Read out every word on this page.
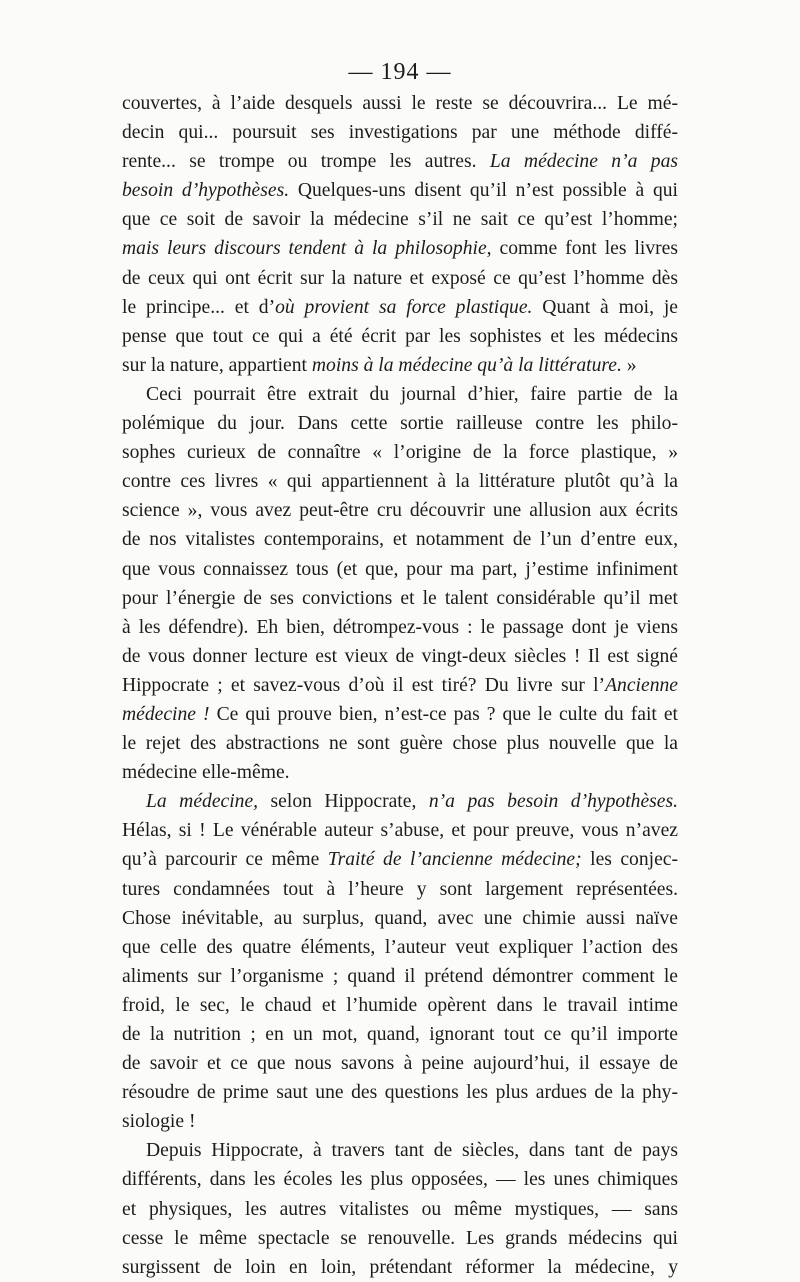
— 194 —
couvertes, à l’aide desquels aussi le reste se découvrira... Le mé-
decin qui... poursuit ses investigations par une méthode diffé-
rente... se trompe ou trompe les autres. La médecine n’a pas
besoin d’hypothèses. Quelques-uns disent qu’il n’est possible à qui
que ce soit de savoir la médecine s’il ne sait ce qu’est l’homme;
mais leurs discours tendent à la philosophie, comme font les livres
de ceux qui ont écrit sur la nature et exposé ce qu’est l’homme dès
le principe... et d’où provient sa force plastique. Quant à moi, je
pense que tout ce qui a été écrit par les sophistes et les médecins
sur la nature, appartient moins à la médecine qu’à la littérature. »
Ceci pourrait être extrait du journal d’hier, faire partie de la
polémique du jour. Dans cette sortie railleuse contre les philo-
sophes curieux de connaître « l’origine de la force plastique, »
contre ces livres « qui appartiennent à la littérature plutôt qu’à la
science », vous avez peut-être cru découvrir une allusion aux écrits
de nos vitalistes contemporains, et notamment de l’un d’entre eux,
que vous connaissez tous (et que, pour ma part, j’estime infiniment
pour l’énergie de ses convictions et le talent considérable qu’il met
à les défendre). Eh bien, détrompez-vous : le passage dont je viens
de vous donner lecture est vieux de vingt-deux siècles ! Il est signé
Hippocrate ; et savez-vous d’où il est tiré? Du livre sur l’Ancienne
médecine ! Ce qui prouve bien, n’est-ce pas ? que le culte du fait et
le rejet des abstractions ne sont guère chose plus nouvelle que la
médecine elle-même.
La médecine, selon Hippocrate, n’a pas besoin d’hypothèses.
Hélas, si ! Le vénérable auteur s’abuse, et pour preuve, vous n’avez
qu’à parcourir ce même Traité de l’ancienne médecine; les conjec-
tures condamnées tout à l’heure y sont largement représentées.
Chose inévitable, au surplus, quand, avec une chimie aussi naïve
que celle des quatre éléments, l’auteur veut expliquer l’action des
aliments sur l’organisme ; quand il prétend démontrer comment le
froid, le sec, le chaud et l’humide opèrent dans le travail intime
de la nutrition ; en un mot, quand, ignorant tout ce qu’il importe
de savoir et ce que nous savons à peine aujourd’hui, il essaye de
résoudre de prime saut une des questions les plus ardues de la phy-
siologie !
Depuis Hippocrate, à travers tant de siècles, dans tant de pays
différents, dans les écoles les plus opposées, — les unes chimiques
et physiques, les autres vitalistes ou même mystiques, — sans
cesse le même spectacle se renouvelle. Les grands médecins qui
surgissent de loin en loin, prétendant réformer la médecine, y
